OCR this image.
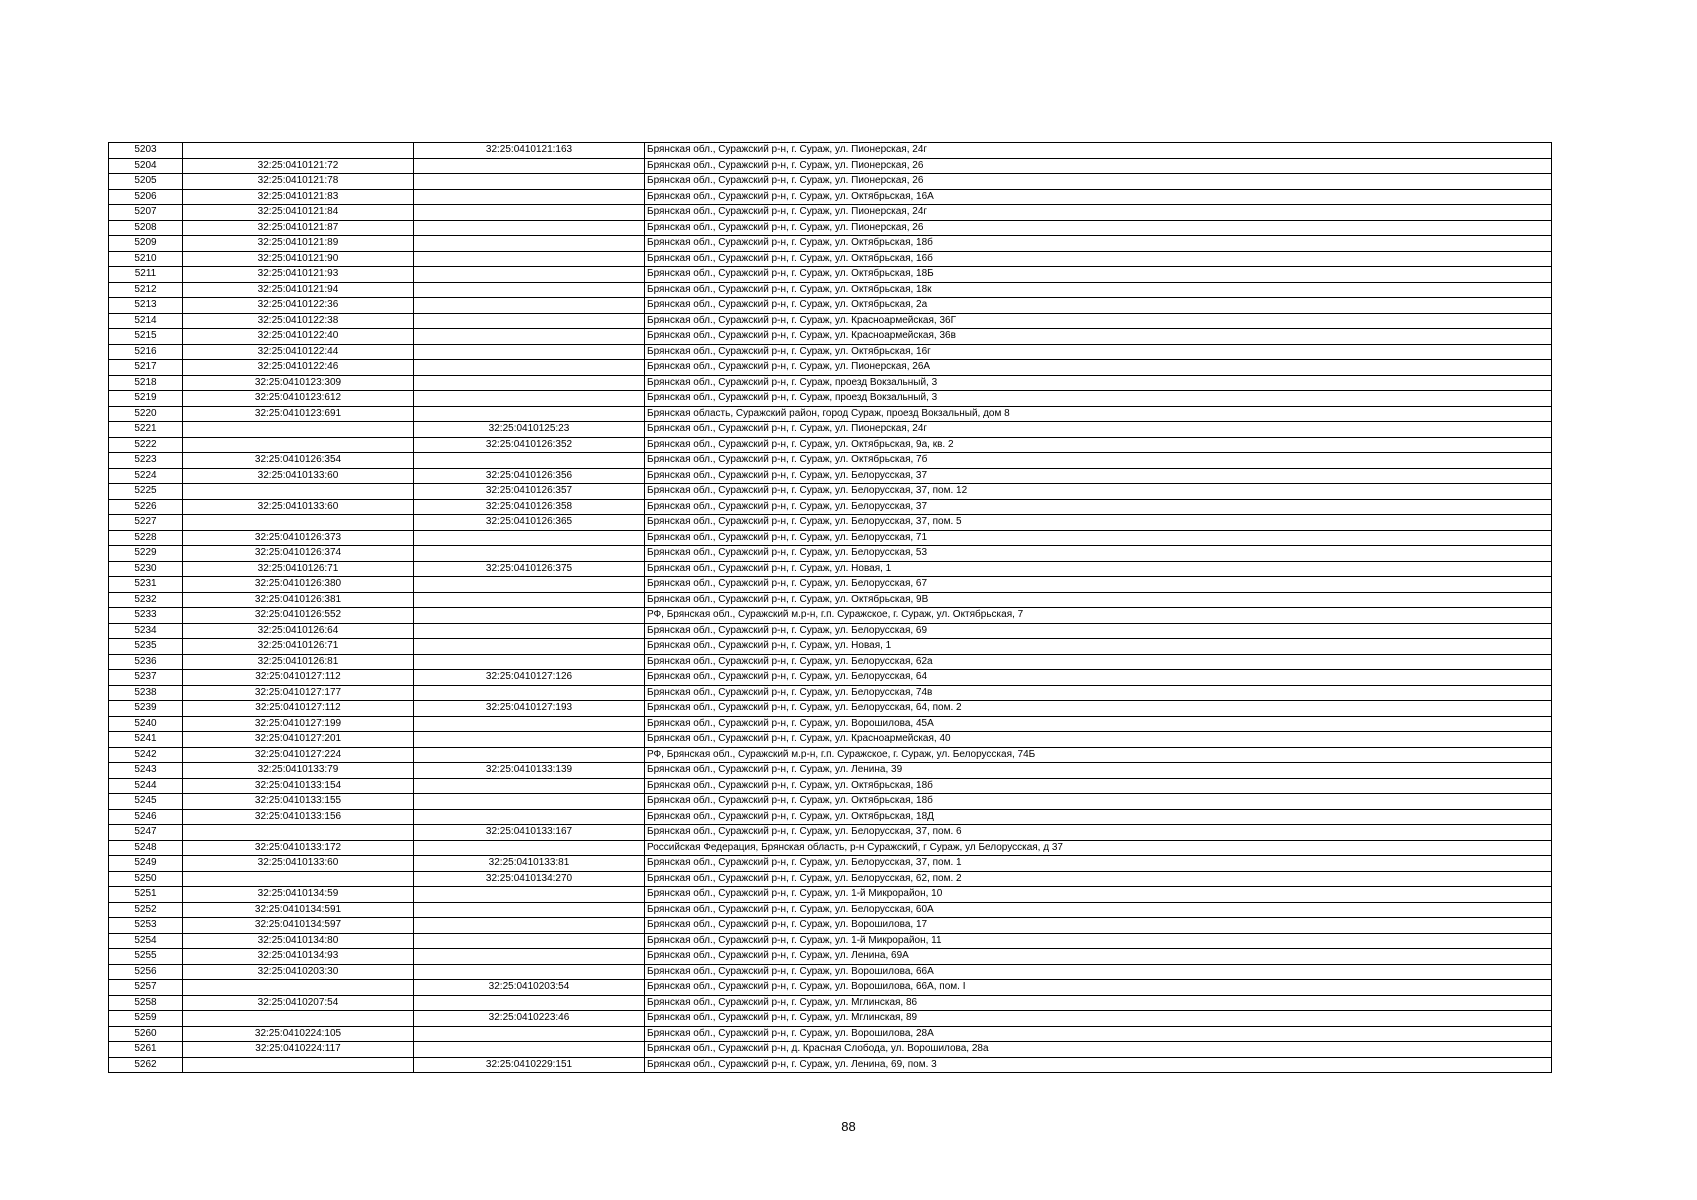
5203		32:25:0410121:163	Брянская обл., Суражский р-н, г. Сураж, ул. Пионерская, 24г
5204	32:25:0410121:72		Брянская обл., Суражский р-н, г. Сураж, ул. Пионерская, 26
5205	32:25:0410121:78		Брянская обл., Суражский р-н, г. Сураж, ул. Пионерская, 26
5206	32:25:0410121:83		Брянская обл., Суражский р-н, г. Сураж, ул. Октябрьская, 16А
5207	32:25:0410121:84		Брянская обл., Суражский р-н, г. Сураж, ул. Пионерская, 24г
5208	32:25:0410121:87		Брянская обл., Суражский р-н, г. Сураж, ул. Пионерская, 26
5209	32:25:0410121:89		Брянская обл., Суражский р-н, г. Сураж, ул. Октябрьская, 18б
5210	32:25:0410121:90		Брянская обл., Суражский р-н, г. Сураж, ул. Октябрьская, 16б
5211	32:25:0410121:93		Брянская обл., Суражский р-н, г. Сураж, ул. Октябрьская, 18Б
5212	32:25:0410121:94		Брянская обл., Суражский р-н, г. Сураж, ул. Октябрьская, 18к
5213	32:25:0410122:36		Брянская обл., Суражский р-н, г. Сураж, ул. Октябрьская, 2а
5214	32:25:0410122:38		Брянская обл., Суражский р-н, г. Сураж, ул. Красноармейская, 36Г
5215	32:25:0410122:40		Брянская обл., Суражский р-н, г. Сураж, ул. Красноармейская, 36в
5216	32:25:0410122:44		Брянская обл., Суражский р-н, г. Сураж, ул. Октябрьская, 16г
5217	32:25:0410122:46		Брянская обл., Суражский р-н, г. Сураж, ул. Пионерская, 26А
5218	32:25:0410123:309		Брянская обл., Суражский р-н, г. Сураж, проезд Вокзальный, 3
5219	32:25:0410123:612		Брянская обл., Суражский р-н, г. Сураж, проезд Вокзальный, 3
5220	32:25:0410123:691		Брянская область, Суражский район, город Сураж, проезд Вокзальный, дом 8
5221		32:25:0410125:23	Брянская обл., Суражский р-н, г. Сураж, ул. Пионерская, 24г
5222		32:25:0410126:352	Брянская обл., Суражский р-н, г. Сураж, ул. Октябрьская, 9а, кв. 2
5223	32:25:0410126:354		Брянская обл., Суражский р-н, г. Сураж, ул. Октябрьская, 7б
5224	32:25:0410133:60	32:25:0410126:356	Брянская обл., Суражский р-н, г. Сураж, ул. Белорусская, 37
5225		32:25:0410126:357	Брянская обл., Суражский р-н, г. Сураж, ул. Белорусская, 37, пом. 12
5226	32:25:0410133:60	32:25:0410126:358	Брянская обл., Суражский р-н, г. Сураж, ул. Белорусская, 37
5227		32:25:0410126:365	Брянская обл., Суражский р-н, г. Сураж, ул. Белорусская, 37, пом. 5
5228	32:25:0410126:373		Брянская обл., Суражский р-н, г. Сураж, ул. Белорусская, 71
5229	32:25:0410126:374		Брянская обл., Суражский р-н, г. Сураж, ул. Белорусская, 53
5230	32:25:0410126:71	32:25:0410126:375	Брянская обл., Суражский р-н, г. Сураж, ул. Новая, 1
5231	32:25:0410126:380		Брянская обл., Суражский р-н, г. Сураж, ул. Белорусская, 67
5232	32:25:0410126:381		Брянская обл., Суражский р-н, г. Сураж, ул. Октябрьская, 9В
5233	32:25:0410126:552		РФ, Брянская обл., Суражский м.р-н, г.п. Суражское, г. Сураж, ул. Октябрьская, 7
5234	32:25:0410126:64		Брянская обл., Суражский р-н, г. Сураж, ул. Белорусская, 69
5235	32:25:0410126:71		Брянская обл., Суражский р-н, г. Сураж, ул. Новая, 1
5236	32:25:0410126:81		Брянская обл., Суражский р-н, г. Сураж, ул. Белорусская, 62а
5237	32:25:0410127:112	32:25:0410127:126	Брянская обл., Суражский р-н, г. Сураж, ул. Белорусская, 64
5238	32:25:0410127:177		Брянская обл., Суражский р-н, г. Сураж, ул. Белорусская, 74в
5239	32:25:0410127:112	32:25:0410127:193	Брянская обл., Суражский р-н, г. Сураж, ул. Белорусская, 64, пом. 2
5240	32:25:0410127:199		Брянская обл., Суражский р-н, г. Сураж, ул. Ворошилова, 45А
5241	32:25:0410127:201		Брянская обл., Суражский р-н, г. Сураж, ул. Красноармейская, 40
5242	32:25:0410127:224		РФ, Брянская обл., Суражский м.р-н, г.п. Суражское, г. Сураж, ул. Белорусская, 74Б
5243	32:25:0410133:79	32:25:0410133:139	Брянская обл., Суражский р-н, г. Сураж, ул. Ленина, 39
5244	32:25:0410133:154		Брянская обл., Суражский р-н, г. Сураж, ул. Октябрьская, 18б
5245	32:25:0410133:155		Брянская обл., Суражский р-н, г. Сураж, ул. Октябрьская, 18б
5246	32:25:0410133:156		Брянская обл., Суражский р-н, г. Сураж, ул. Октябрьская, 18Д
5247		32:25:0410133:167	Брянская обл., Суражский р-н, г. Сураж, ул. Белорусская, 37, пом. 6
5248	32:25:0410133:172		Российская Федерация, Брянская область, р-н Суражский, г Сураж, ул Белорусская, д 37
5249	32:25:0410133:60	32:25:0410133:81	Брянская обл., Суражский р-н, г. Сураж, ул. Белорусская, 37, пом. 1
5250		32:25:0410134:270	Брянская обл., Суражский р-н, г. Сураж, ул. Белорусская, 62, пом. 2
5251	32:25:0410134:59		Брянская обл., Суражский р-н, г. Сураж, ул. 1-й Микрорайон, 10
5252	32:25:0410134:591		Брянская обл., Суражский р-н, г. Сураж, ул. Белорусская, 60А
5253	32:25:0410134:597		Брянская обл., Суражский р-н, г. Сураж, ул. Ворошилова, 17
5254	32:25:0410134:80		Брянская обл., Суражский р-н, г. Сураж, ул. 1-й Микрорайон, 11
5255	32:25:0410134:93		Брянская обл., Суражский р-н, г. Сураж, ул. Ленина, 69А
5256	32:25:0410203:30		Брянская обл., Суражский р-н, г. Сураж, ул. Ворошилова, 66А
5257		32:25:0410203:54	Брянская обл., Суражский р-н, г. Сураж, ул. Ворошилова, 66А, пом. I
5258	32:25:0410207:54		Брянская обл., Суражский р-н, г. Сураж, ул. Мглинская, 86
5259		32:25:0410223:46	Брянская обл., Суражский р-н, г. Сураж, ул. Мглинская, 89
5260	32:25:0410224:105		Брянская обл., Суражский р-н, г. Сураж, ул. Ворошилова, 28А
5261	32:25:0410224:117		Брянская обл., Суражский р-н, д. Красная Слобода, ул. Ворошилова, 28а
5262		32:25:0410229:151	Брянская обл., Суражский р-н, г. Сураж, ул. Ленина, 69, пом. 3
88
